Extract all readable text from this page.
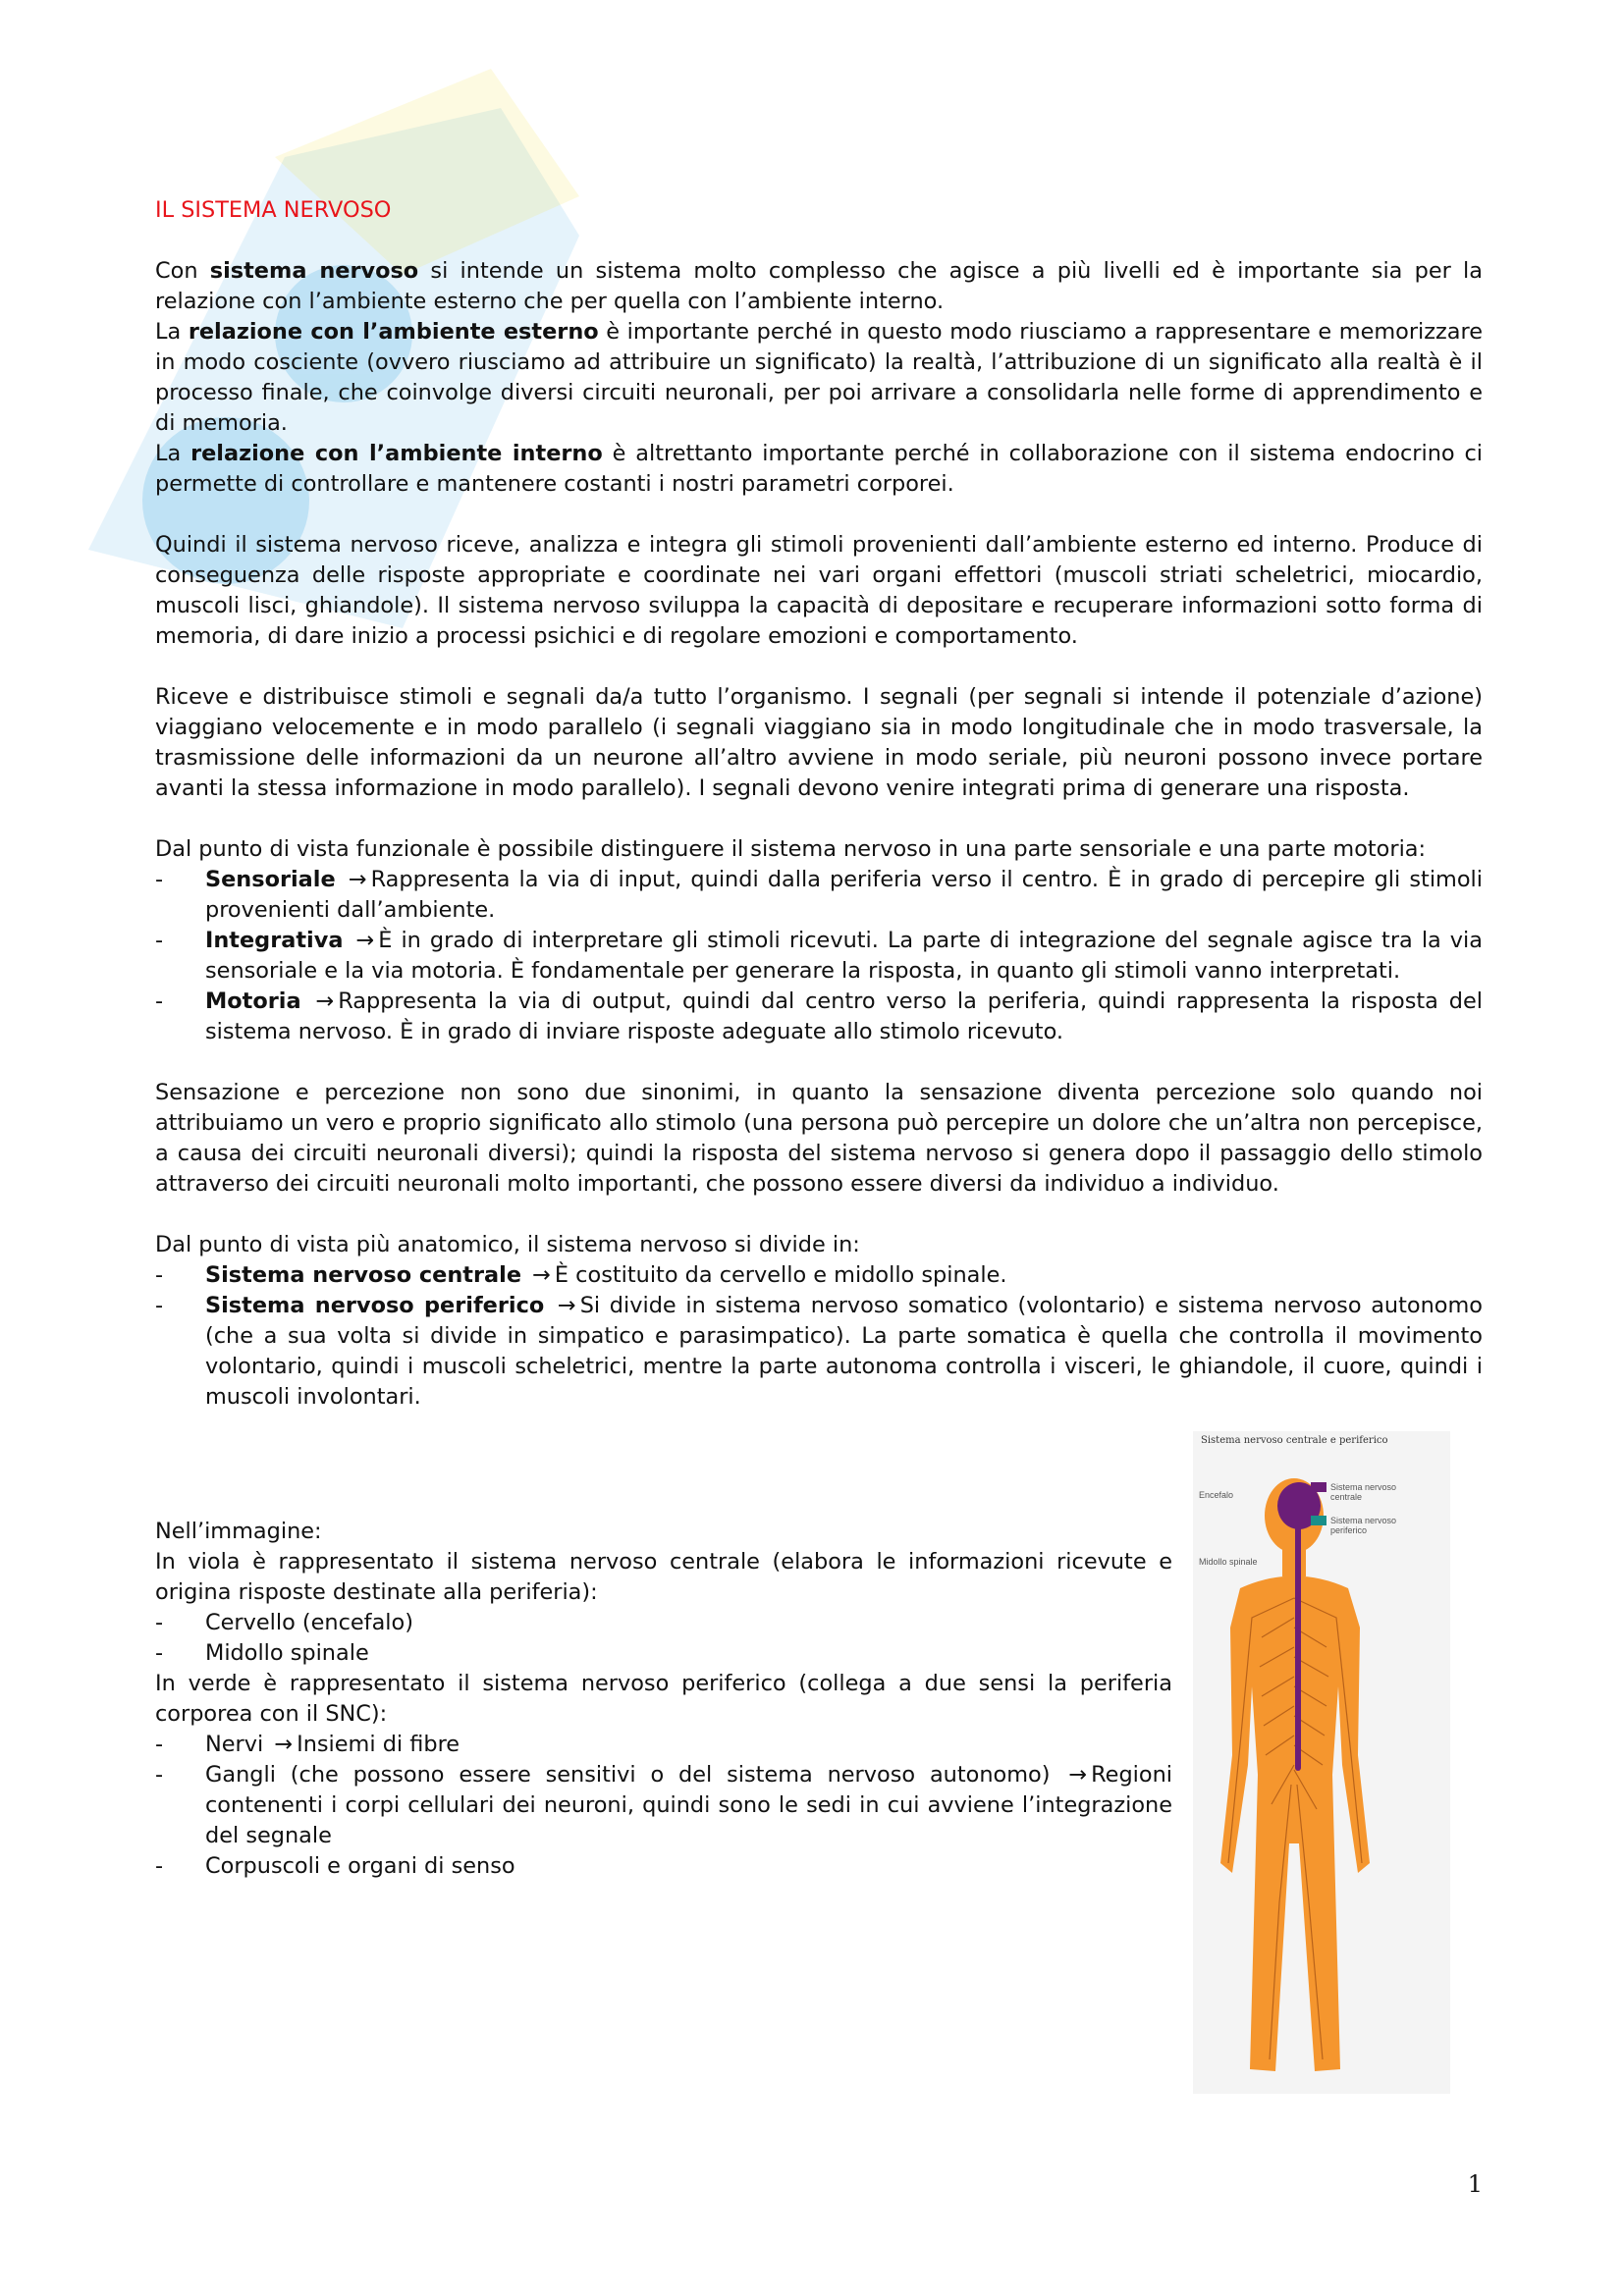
IL SISTEMA NERVOSO

Con sistema nervoso si intende un sistema molto complesso che agisce a più livelli ed è importante sia per la relazione con l’ambiente esterno che per quella con l’ambiente interno.

La relazione con l’ambiente esterno è importante perché in questo modo riusciamo a rappresentare e memorizzare in modo cosciente (ovvero riusciamo ad attribuire un significato) la realtà, l’attribuzione di un significato alla realtà è il processo finale, che coinvolge diversi circuiti neuronali, per poi arrivare a consolidarla nelle forme di apprendimento e di memoria.

La relazione con l’ambiente interno è altrettanto importante perché in collaborazione con il sistema endocrino ci permette di controllare e mantenere costanti i nostri parametri corporei.

Quindi il sistema nervoso riceve, analizza e integra gli stimoli provenienti dall’ambiente esterno ed interno. Produce di conseguenza delle risposte appropriate e coordinate nei vari organi effettori (muscoli striati scheletrici, miocardio, muscoli lisci, ghiandole). Il sistema nervoso sviluppa la capacità di depositare e recuperare informazioni sotto forma di memoria, di dare inizio a processi psichici e di regolare emozioni e comportamento.

Riceve e distribuisce stimoli e segnali da/a tutto l’organismo. I segnali (per segnali si intende il potenziale d’azione) viaggiano velocemente e in modo parallelo (i segnali viaggiano sia in modo longitudinale che in modo trasversale, la trasmissione delle informazioni da un neurone all’altro avviene in modo seriale, più neuroni possono invece portare avanti la stessa informazione in modo parallelo). I segnali devono venire integrati prima di generare una risposta.

Dal punto di vista funzionale è possibile distinguere il sistema nervoso in una parte sensoriale e una parte motoria:

- Sensoriale → Rappresenta la via di input, quindi dalla periferia verso il centro. È in grado di percepire gli stimoli provenienti dall’ambiente.
- Integrativa → È in grado di interpretare gli stimoli ricevuti. La parte di integrazione del segnale agisce tra la via sensoriale e la via motoria. È fondamentale per generare la risposta, in quanto gli stimoli vanno interpretati.
- Motoria → Rappresenta la via di output, quindi dal centro verso la periferia, quindi rappresenta la risposta del sistema nervoso. È in grado di inviare risposte adeguate allo stimolo ricevuto.

Sensazione e percezione non sono due sinonimi, in quanto la sensazione diventa percezione solo quando noi attribuiamo un vero e proprio significato allo stimolo (una persona può percepire un dolore che un’altra non percepisce, a causa dei circuiti neuronali diversi); quindi la risposta del sistema nervoso si genera dopo il passaggio dello stimolo attraverso dei circuiti neuronali molto importanti, che possono essere diversi da individuo a individuo.

Dal punto di vista più anatomico, il sistema nervoso si divide in:

- Sistema nervoso centrale → È costituito da cervello e midollo spinale.
- Sistema nervoso periferico → Si divide in sistema nervoso somatico (volontario) e sistema nervoso autonomo (che a sua volta si divide in simpatico e parasimpatico). La parte somatica è quella che controlla il movimento volontario, quindi i muscoli scheletrici, mentre la parte autonoma controlla i visceri, le ghiandole, il cuore, quindi i muscoli involontari.

Nell’immagine:

In viola è rappresentato il sistema nervoso centrale (elabora le informazioni ricevute e origina risposte destinate alla periferia):

- Cervello (encefalo)
- Midollo spinale

In verde è rappresentato il sistema nervoso periferico (collega a due sensi la periferia corporea con il SNC):

- Nervi → Insiemi di fibre
- Gangli (che possono essere sensitivi o del sistema nervoso autonomo) → Regioni contenenti i corpi cellulari dei neuroni, quindi sono le sedi in cui avviene l’integrazione del segnale
- Corpuscoli e organi di senso
Sistema nervoso centrale e periferico
Encefalo
Midollo spinale
Sistema nervoso centrale
Sistema nervoso periferico
1
